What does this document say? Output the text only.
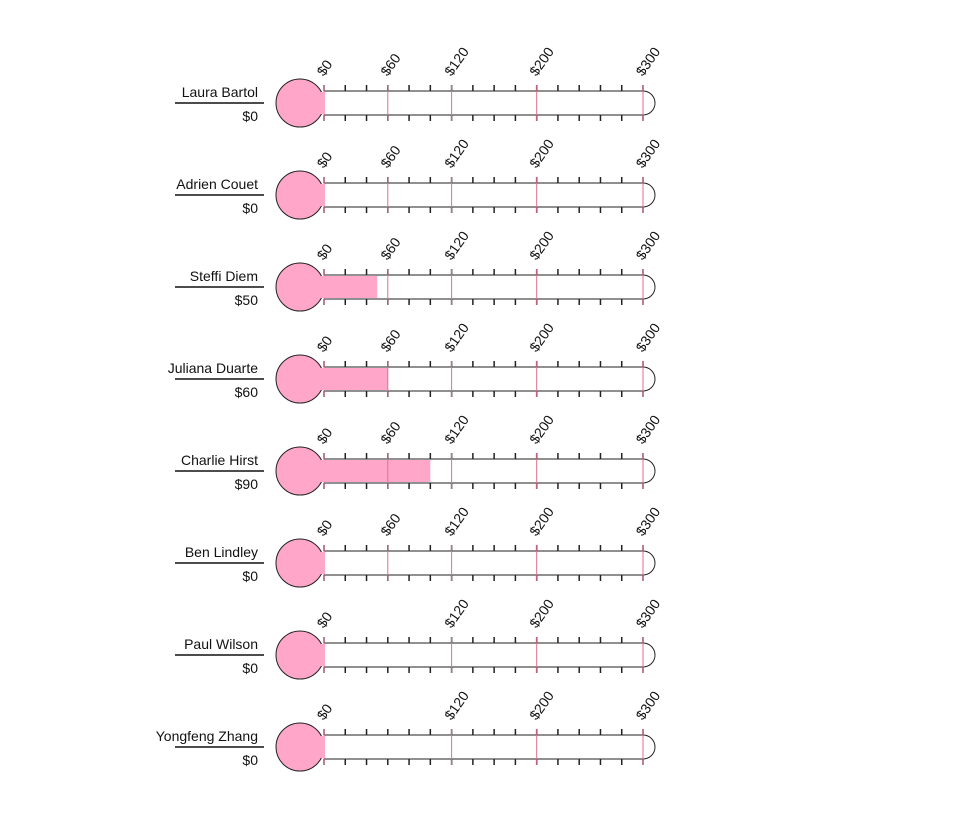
Laura Bartol
$0
$0	$60	$120	$200	$300
Adrien Couet
$0
$0	$60	$120	$200	$300
Steffi Diem
$50
$0	$60	$120	$200	$300
Juliana Duarte
$60
$0	$60	$120	$200	$300
Charlie Hirst
$90
$0	$60	$120	$200	$300
Ben Lindley
$0
$0	$60	$120	$200	$300
Paul Wilson
$0
$0	$120	$200	$300
Yongfeng Zhang
$0
$0	$120	$200	$300
